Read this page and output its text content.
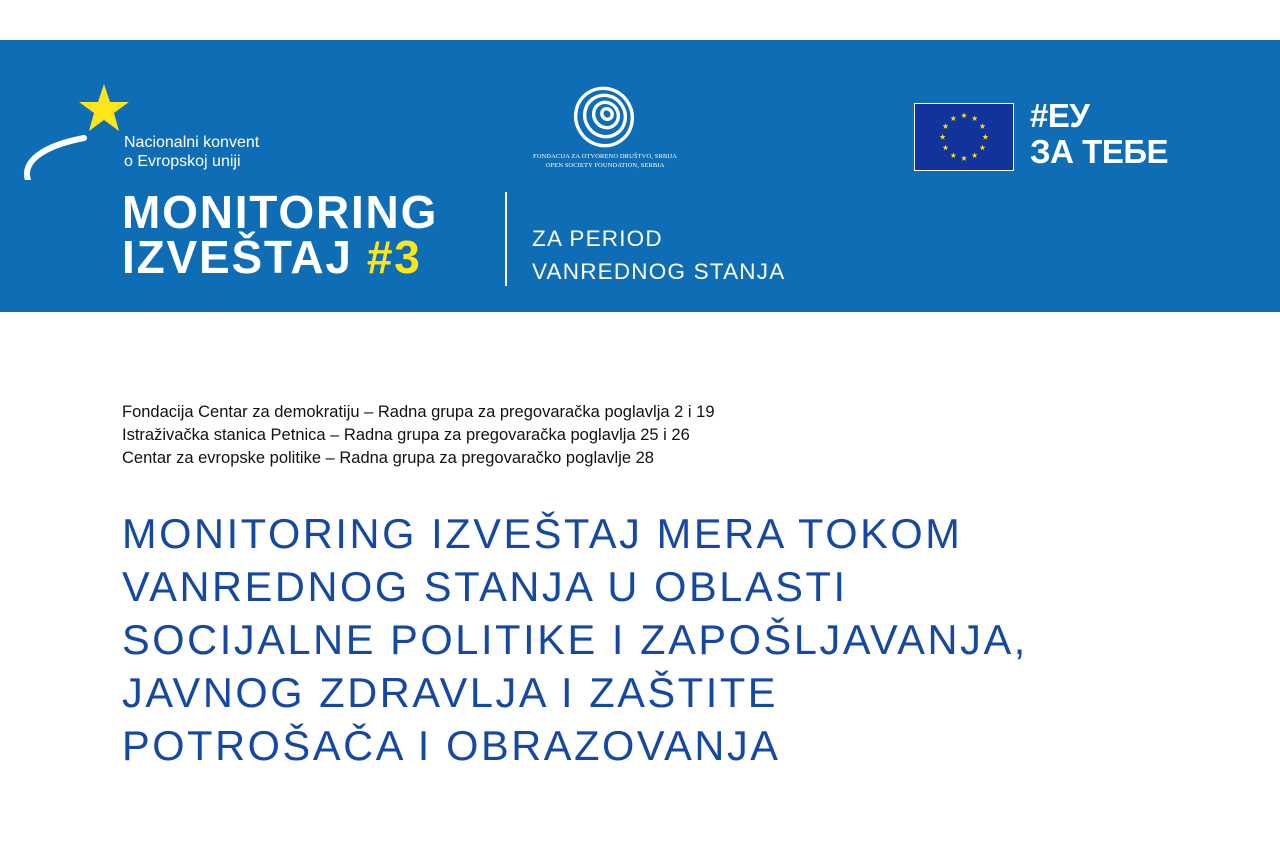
Nacionalni konvent
o Evropskoj uniji	FONDACIJA ZA OTVORENO DRUŠTVO, SRBIJA
OPEN SOCIETY FOUNDATION, SERBIA
#ЕУ
ЗА ТЕБЕ
MONITORING
IZVEŠTAJ #3	ZA PERIOD
VANREDNOG STANJA
Fondacija Centar za demokratiju – Radna grupa za pregovaračka poglavlja 2 i 19
Istraživačka stanica Petnica – Radna grupa za pregovaračka poglavlja 25 i 26
Centar za evropske politike – Radna grupa za pregovaračko poglavlje 28
MONITORING IZVEŠTAJ MERA TOKOM
VANREDNOG STANJA U OBLASTI
SOCIJALNE POLITIKE I ZAPOŠLJAVANJA,
JAVNOG ZDRAVLJA I ZAŠTITE
POTROŠAČA I OBRAZOVANJA
